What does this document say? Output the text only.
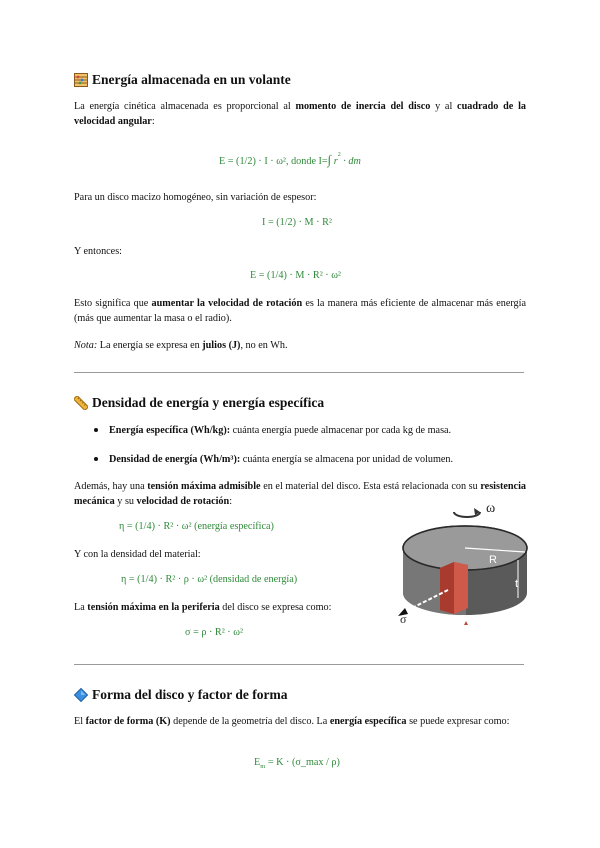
Energía almacenada en un volante
La energía cinética almacenada es proporcional al momento de inercia del disco y al cuadrado de la velocidad angular:
E = (1/2) · I · ω², donde I=∫ $r^2$ · dm
Para un disco macizo homogéneo, sin variación de espesor:
I = (1/2) · M · R²
Y entonces:
E = (1/4) · M · R² · ω²
Esto significa que aumentar la velocidad de rotación es la manera más eficiente de almacenar más energía (más que aumentar la masa o el radio).
Nota: La energía se expresa en julios (J), no en Wh.
Densidad de energía y energía específica
Energía específica (Wh/kg): cuánta energía puede almacenar por cada kg de masa.
Densidad de energía (Wh/m³): cuánta energía se almacena por unidad de volumen.
Además, hay una tensión máxima admisible en el material del disco. Esta está relacionada con su resistencia mecánica y su velocidad de rotación:
η = (1/4) · R² · ω² (energía específica)
Y con la densidad del material:
η = (1/4) · R² · ρ · ω² (densidad de energía)
La tensión máxima en la periferia del disco se expresa como:
σ = ρ · R² · ω²
ω
R
t
σ
Forma del disco y factor de forma
El factor de forma (K) depende de la geometría del disco. La energía específica se puede expresar como:
$E_m = K$ · (σ_max / ρ)
